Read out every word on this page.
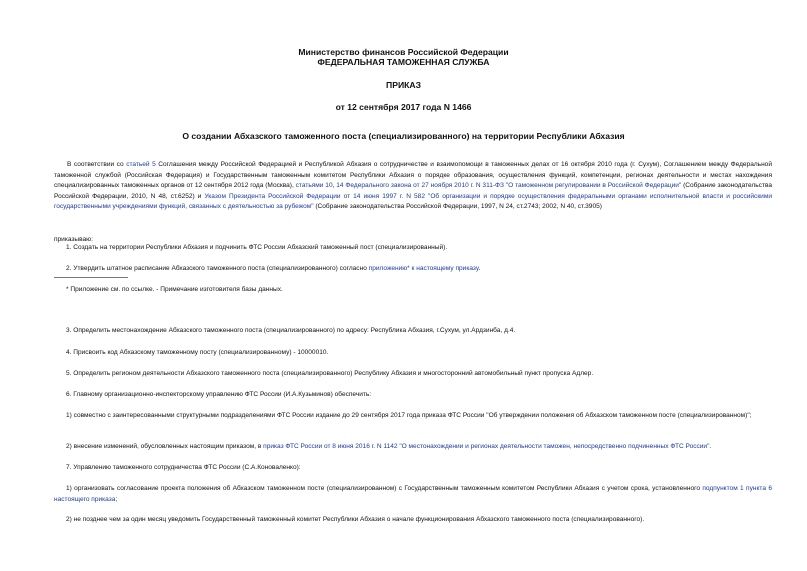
Министерство финансов Российской Федерации
ФЕДЕРАЛЬНАЯ ТАМОЖЕННАЯ СЛУЖБА
ПРИКАЗ
от 12 сентября 2017 года N 1466
О создании Абхазского таможенного поста (специализированного) на территории Республики Абхазия
В соответствии со статьей 5 Соглашения между Российской Федерацией и Республикой Абхазия о сотрудничестве и взаимопомощи в таможенных делах от 16 октября 2010 года (г. Сухум), Соглашением между Федеральной таможенной службой (Российская Федерация) и Государственным таможенным комитетом Республики Абхазия о порядке образования, осуществления функций, компетенции, регионах деятельности и местах нахождения специализированных таможенных органов от 12 сентября 2012 года (Москва), статьями 10, 14 Федерального закона от 27 ноября 2010 г. N 311-ФЗ "О таможенном регулировании в Российской Федерации" (Собрание законодательства Российской Федерации, 2010, N 48, ст.6252) и Указом Президента Российской Федерации от 14 июня 1997 г. N 582 "Об организации и порядке осуществления федеральными органами исполнительной власти и российскими государственными учреждениями функций, связанных с деятельностью за рубежом" (Собрание законодательства Российской Федерации, 1997, N 24, ст.2743; 2002, N 40, ст.3905)
приказываю:
1. Создать на территории Республики Абхазия и подчинить ФТС России Абхазский таможенный пост (специализированный).
2. Утвердить штатное расписание Абхазского таможенного поста (специализированного) согласно приложению* к настоящему приказу.
* Приложение см. по ссылке. - Примечание изготовителя базы данных.
3. Определить местонахождение Абхазского таможенного поста (специализированного) по адресу: Республика Абхазия, г.Сухум, ул.Ардзинба, д.4.
4. Присвоить код Абхазскому таможенному посту (специализированному) - 10000010.
5. Определить регионом деятельности Абхазского таможенного поста (специализированного) Республику Абхазия и многосторонний автомобильный пункт пропуска Адлер.
6. Главному организационно-инспекторскому управлению ФТС России (И.А.Кузьминов) обеспечить:
1) совместно с заинтересованными структурными подразделениями ФТС России издание до 29 сентября 2017 года приказа ФТС России "Об утверждении положения об Абхазском таможенном посте (специализированном)";
2) внесение изменений, обусловленных настоящим приказом, в приказ ФТС России от 8 июня 2016 г. N 1142 "О местонахождении и регионах деятельности таможен, непосредственно подчиненных ФТС России".
7. Управлению таможенного сотрудничества ФТС России (С.А.Коноваленко):
1) организовать согласование проекта положения об Абхазском таможенном посте (специализированном) с Государственным таможенным комитетом Республики Абхазия с учетом срока, установленного подпунктом 1 пункта 6 настоящего приказа;
2) не позднее чем за один месяц уведомить Государственный таможенный комитет Республики Абхазия о начале функционирования Абхазского таможенного поста (специализированного).
